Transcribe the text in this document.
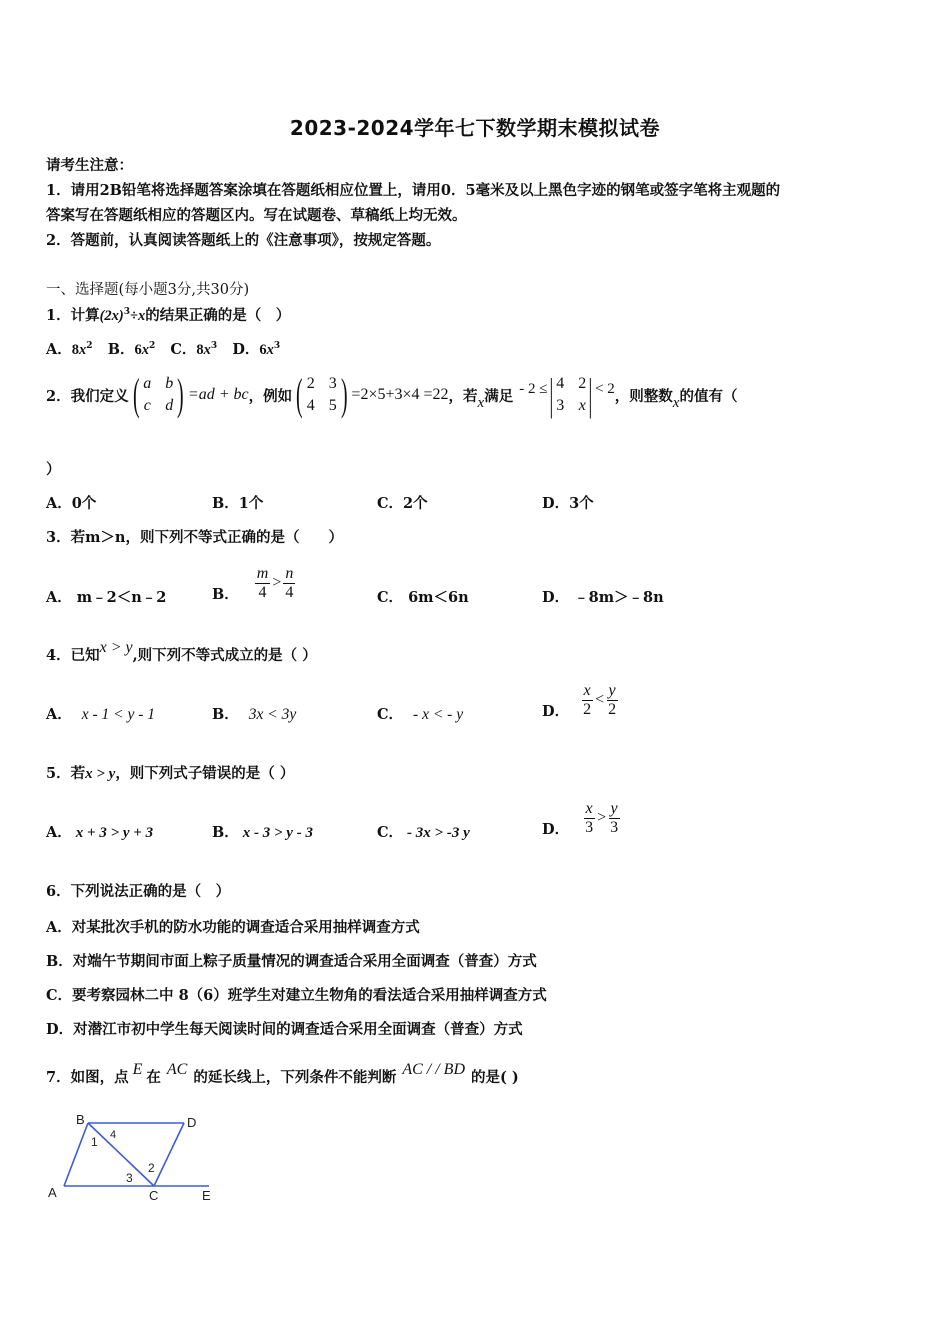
2023-2024学年七下数学期末模拟试卷
请考生注意：
1．请用2B铅笔将选择题答案涂填在答题纸相应位置上，请用0．5毫米及以上黑色字迹的钢笔或签字笔将主观题的
答案写在答题纸相应的答题区内。写在试题卷、草稿纸上均无效。
2．答题前，认真阅读答题纸上的《注意事项》，按规定答题。
一、选择题(每小题3分,共30分)
1．计算$(2x)^3\div x$的结果正确的是（　）
A．$8x^2$ B．$6x^2$ C．$8x^3$ D．$6x^3$
2．我们定义 ( a b
c d ) =ad + bc ，例如 ( 2 3
4 5 ) =2×5+3×4 =22 ，若 x 满足 - 2 ≤ | 4 2
3 x | < 2 ，则整数 x 的值有（
）
A．0个	B．1个	C．2个	D．3个
3．若m＞n，则下列不等式正确的是（　　）
A． m﹣2＜n﹣2	B． $\frac{m}{4} > \frac{n}{4}$	C． 6m＜6n	D． ﹣8m＞﹣8n
4．已知x > y,则下列不等式成立的是（ ）
A． x - 1 < y - 1	B． 3x < 3y	C． - x < - y	D． $\frac{x}{2} < \frac{y}{2}$
5．若x > y，则下列式子错误的是（ ）
A． x + 3 > y + 3	B． x - 3 > y - 3	C． - 3x > -3 y	D． $\frac{x}{3} > \frac{y}{3}$
6．下列说法正确的是（　）
A．对某批次手机的防水功能的调查适合采用抽样调查方式
B．对端午节期间市面上粽子质量情况的调查适合采用全面调查（普查）方式
C．要考察园林二中 8（6）班学生对建立生物角的看法适合采用抽样调查方式
D．对潜江市初中学生每天阅读时间的调查适合采用全面调查（普查）方式
7．如图，点 E 在 AC 的延长线上，下列条件不能判断 AC / / BD 的是( )
B	D
A	C	E
1 4
2
3
